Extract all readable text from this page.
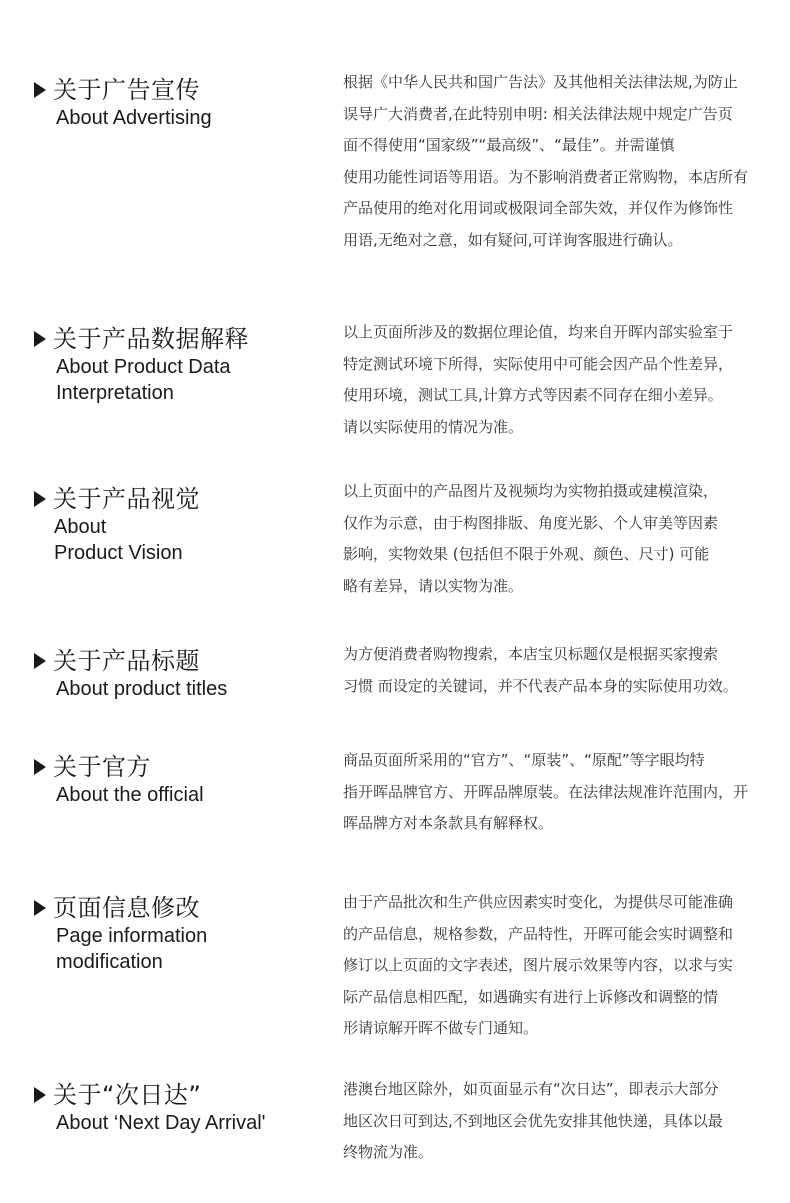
关于广告宣传
About Advertising
根据《中华人民共和国广告法》及其他相关法律法规,为防止
误导广大消费者,在此特别申明: 相关法律法规中规定广告页
面不得使用“国家级”“最高级”、“最佳”。并需谨慎
使用功能性词语等用语。为不影响消费者正常购物，本店所有
产品使用的绝对化用词或极限词全部失效，并仅作为修饰性
用语,无绝对之意，如有疑问,可详询客服进行确认。
关于产品数据解释
About Product Data
Interpretation
以上页面所涉及的数据位理论值，均来自开晖内部实验室于
特定测试环境下所得，实际使用中可能会因产品个性差异，
使用环境，测试工具,计算方式等因素不同存在细小差异。
请以实际使用的情况为准。
关于产品视觉
About
Product Vision
以上页面中的产品图片及视频均为实物拍摄或建模渲染，
仅作为示意，由于构图排版、角度光影、个人审美等因素
影响，实物效果 (包括但不限于外观、颜色、尺寸) 可能
略有差异，请以实物为准。
关于产品标题
About product titles
为方便消费者购物搜索，本店宝贝标题仅是根据买家搜索
习惯 而设定的关键词，并不代表产品本身的实际使用功效。
关于官方
About the official
商品页面所采用的“官方”、“原装”、“原配”等字眼均特
指开晖品牌官方、开晖品牌原装。在法律法规准许范围内，开
晖品牌方对本条款具有解释权。
页面信息修改
Page information
modification
由于产品批次和生产供应因素实时变化，为提供尽可能准确
的产品信息，规格参数，产品特性，开晖可能会实时调整和
修订以上页面的文字表述，图片展示效果等内容，以求与实
际产品信息相匹配，如遇确实有进行上诉修改和调整的情
形请谅解开晖不做专门通知。
关于“次日达”
About ‘Next Day Arrival'
港澳台地区除外，如页面显示有“次日达”，即表示大部分
地区次日可到达,不到地区会优先安排其他快递，具体以最
终物流为准。
